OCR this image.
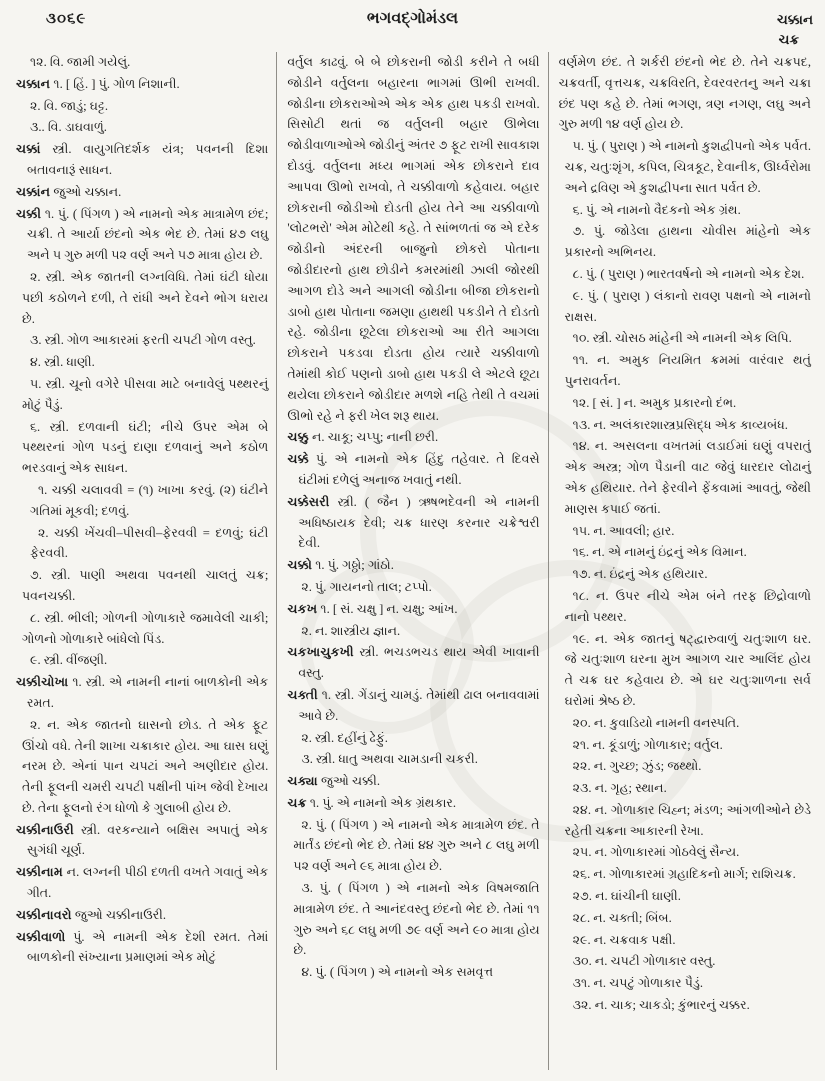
૩૦૬૯	ભગવદ્ગોમંડલ	ચક્કાન
ચક્ર

૧૨. વિ. જામી ગયેલું.

ચક્કાન ૧. [ હિં. ] પું. ગોળ નિશાની.

૨. વિ. જાડું; ઘટ્ટ.

૩.. વિ. ડાઘવાળું.

ચક્કાં સ્ત્રી. વાયુગતિદર્શક યંત્ર; પવનની દિશા બતાવનારૂં સાધન.

ચક્કાંન જુઓ ચક્કાન.

ચક્કી ૧. પું. ( પિંગળ ) એ નામનો એક માત્રામેળ છંદ; ચક્રી. તે આર્યા છંદનો એક ભેદ છે. તેમાં ૪૭ લઘુ અને ૫ ગુરુ મળી ૫૨ વર્ણ અને ૫૭ માત્રા હોય છે.

૨. સ્ત્રી. એક જાતની લગ્નવિધિ. તેમાં ઘંટી ધોયા પછી કઠોળને દળી, તે રાંધી અને દેવને ભોગ ધરાય છે.

૩. સ્ત્રી. ગોળ આકારમાં ફરતી ચપટી ગોળ વસ્તુ.

૪. સ્ત્રી. ધાણી.

૫. સ્ત્રી. ચૂનો વગેરે પીસવા માટે બનાવેલું પથ્થરનું મોટું પૈડું.

૬. સ્ત્રી. દળવાની ઘંટી; નીચે ઉપર એમ બે પથ્થરનાં ગોળ પડનું દાણા દળવાનું અને કઠોળ ભરડવાનું એક સાધન.

૧. ચક્કી ચલાવવી = (૧) ખાખા કરવું. (૨) ઘંટીને ગતિમાં મૂકવી; દળવું.

૨. ચક્કી ખેંચવી–પીસવી–ફેરવવી = દળવું; ઘંટી ફેરવવી.

૭. સ્ત્રી. પાણી અથવા પવનથી ચાલતું ચક્ર; પવનચક્કી.

૮. સ્ત્રી. ભીલી; ગોળની ગોળાકારે જમાવેલી ચાકી; ગોળનો ગોળાકારે બાંધેલો પિંડ.

૯. સ્ત્રી. વીંજણી.

ચક્કીચોખા ૧. સ્ત્રી. એ નામની નાનાં બાળકોની એક રમત.

૨. ન. એક જાતનો ઘાસનો છોડ. તે એક ફૂટ ઊંચો વધે. તેની શાખા ચક્રાકાર હોય. આ ઘાસ ઘણું નરમ છે. એનાં પાન ચપટાં અને અણીદાર હોય. તેની ફૂલની ચમરી ચપટી પક્ષીની પાંખ જેવી દેખાય છે. તેના ફૂલનો રંગ ધોળો કે ગુલાબી હોય છે.

ચક્કીનાઉરી સ્ત્રી. વરકન્યાને બક્ષિસ અપાતું એક સુગંધી ચૂર્ણ.

ચક્કીનામ ન. લગ્નની પીઠી દળતી વખતે ગવાતું એક ગીત.

ચક્કીનાવરો જુઓ ચક્કીનાઉરી.

ચક્કીવાળો પું. એ નામની એક દેશી રમત. તેમાં બાળકોની સંખ્યાના પ્રમાણમાં એક મોટું

વર્તુલ કાઢવું. બે બે છોકરાની જોડી કરીને તે બધી જોડીને વર્તુલના બહારના ભાગમાં ઊભી રાખવી. જોડીના છોકરાઓએ એક એક હાથ પકડી રાખવો. સિસોટી થતાં જ વર્તુલની બહાર ઊભેલા જોડીવાળાઓએ જોડીનું અંતર ૭ ફૂટ રાખી સાવકાશ દોડવું. વર્તુલના મધ્ય ભાગમાં એક છોકરાને દાવ આપવા ઊભો રાખવો, તે ચક્કીવાળો કહેવાય. બહાર છોકરાની જોડીઓ દોડતી હોય તેને આ ચક્કીવાળો 'લોટભરો' એમ મોટેથી કહે. તે સાંભળતાં જ એ દરેક જોડીનો અંદરની બાજુનો છોકરો પોતાના જોડીદારનો હાથ છોડીને કમરમાંથી ઝાલી જોરથી આગળ દોડે અને આગલી જોડીના બીજા છોકરાનો ડાબો હાથ પોતાના જમણા હાથથી પકડીને તે દોડતો રહે. જોડીના છૂટેલા છોકરાઓ આ રીતે આગલા છોકરાને પકડવા દોડતા હોય ત્યારે ચક્કીવાળો તેમાંથી કોઈ પણનો ડાબો હાથ પકડી લે એટલે છૂટા થયેલા છોકરાને જોડીદાર મળશે નહિ તેથી તે વચમાં ઊભો રહે ને ફરી ખેલ શરૂ થાય.

ચક્કુ ન. ચાકૂ; ચપ્પુ; નાની છરી.

ચક્કે પું. એ નામનો એક હિંદુ તહેવાર. તે દિવસે ઘંટીમાં દળેલું અનાજ ખવાતું નથી.

ચક્કેસરી સ્ત્રી. ( જૈન ) ઋષભદેવની એ નામની અધિષ્ઠાયક દેવી; ચક્ર ધારણ કરનાર ચક્રેશ્વરી દેવી.

ચક્કો ૧. પું. ગઠ્ઠો; ગાંઠો.

૨. પું. ગાયનનો તાલ; ટપ્પો.

ચકખ ૧. [ સં. ચક્ષુ ] ન. ચક્ષુ; આંખ.

૨. ન. શાસ્ત્રીય જ્ઞાન.

ચકખાચુકખી સ્ત્રી. ભચડભચડ થાય એવી ખાવાની વસ્તુ.

ચક્તી ૧. સ્ત્રી. ગેંડાનું ચામડું. તેમાંથી ઢાલ બનાવવામાં આવે છે.

૨. સ્ત્રી. દહીંનું ઢેફું.

૩. સ્ત્રી. ધાતુ અથવા ચામડાની ચકરી.

ચક્યા જુઓ ચક્કી.

ચક્ર ૧. પું. એ નામનો એક ગ્રંથકાર.

૨. પું. ( પિંગળ ) એ નામનો એક માત્રામેળ છંદ. તે માર્તંડ છંદનો ભેદ છે. તેમાં ૪૪ ગુરુ અને ૮ લઘુ મળી ૫૨ વર્ણ અને ૯૬ માત્રા હોય છે.

૩. પું. ( પિંગળ ) એ નામનો એક વિષમજાતિ માત્રામેળ છંદ. તે આનંદવસ્તુ છંદનો ભેદ છે. તેમાં ૧૧ ગુરુ અને ૬૮ લઘુ મળી ૭૯ વર્ણ અને ૯૦ માત્રા હોય છે.

૪. પું. ( પિંગળ ) એ નામનો એક સમવૃત્ત

વર્ણમેળ છંદ. તે શર્કરી છંદનો ભેદ છે. તેને ચક્રપદ, ચક્રવર્તી, વૃત્તચક્ર, ચક્રવિરતિ, દેવરવરતનુ અને ચક્રા છંદ પણ કહે છે. તેમાં ભગણ, ત્રણ નગણ, લઘુ અને ગુરુ મળી ૧૪ વર્ણ હોય છે.

૫. પું. ( પુરાણ ) એ નામનો કુશદ્વીપનો એક પર્વત. ચક્ર, ચતુઃશૃંગ, કપિલ, ચિત્રકૂટ, દેવાનીક, ઊર્ધ્વરોમા અને દ્રવિણ એ કુશદ્વીપના સાત પર્વત છે.

૬. પું. એ નામનો વૈદકનો એક ગ્રંથ.

૭. પું. જોડેલા હાથના ચોવીસ માંહેનો એક પ્રકારનો અભિનય.

૮. પું. ( પુરાણ ) ભારતવર્ષનો એ નામનો એક દેશ.

૯. પું. ( પુરાણ ) લંકાનો રાવણ પક્ષનો એ નામનો રાક્ષસ.

૧૦. સ્ત્રી. ચોસઠ માંહેની એ નામની એક લિપિ.

૧૧. ન. અમુક નિયમિત ક્રમમાં વારંવાર થતું પુનરાવર્તન.

૧૨. [ સં. ] ન. અમુક પ્રકારનો દંભ.

૧૩. ન. અલંકારશાસ્ત્રપ્રસિદ્ધ એક કાવ્યબંધ.

૧૪. ન. અસલના વખતમાં લડાઈમાં ઘણું વપરાતું એક અસ્ત્ર; ગોળ પૈડાની વાટ જેવું ધારદાર લોઢાનું એક હથિયાર. તેને ફેરવીને ફેંકવામાં આવતું, જેથી માણસ કપાઈ જતાં.

૧૫. ન. આવલી; હાર.

૧૬. ન. એ નામનું ઇંદ્રનું એક વિમાન.

૧૭. ન. ઇંદ્રનું એક હથિયાર.

૧૮. ન. ઉપર નીચે એમ બંને તરફ છિદ્રોવાળો નાનો પથ્થર.

૧૯. ન. એક જાતનું ષટ્દ્વારુવાળું ચતુઃશાળ ઘર. જે ચતુઃશાળ ઘરના મુખ આગળ ચાર આલિંદ હોય તે ચક્ર ઘર કહેવાય છે. એ ઘર ચતુઃશાળના સર્વ ઘરોમાં શ્રેષ્ઠ છે.

૨૦. ન. કુવાડિયો નામની વનસ્પતિ.

૨૧. ન. કૂંડાળું; ગોળાકાર; વર્તુલ.

૨૨. ન. ગુચ્છ; ઝુંડ; જથ્થો.

૨૩. ન. ગૃહ; સ્થાન.

૨૪. ન. ગોળાકાર ચિહ્ન; મંડળ; આંગળીઓને છેડે રહેતી ચક્રના આકારની રેખા.

૨૫. ન. ગોળાકારમાં ગોઠવેલું સૈન્ય.

૨૬. ન. ગોળાકારમાં ગ્રહાદિકનો માર્ગ; રાશિચક્ર.

૨૭. ન. ઘાંચીની ઘાણી.

૨૮. ન. ચક્તી; બિંબ.

૨૯. ન. ચક્રવાક પક્ષી.

૩૦. ન. ચપટી ગોળાકાર વસ્તુ.

૩૧. ન. ચપટું ગોળાકાર પૈડું.

૩૨. ન. ચાક; ચાકડો; કુંભારનું ચક્કર.
